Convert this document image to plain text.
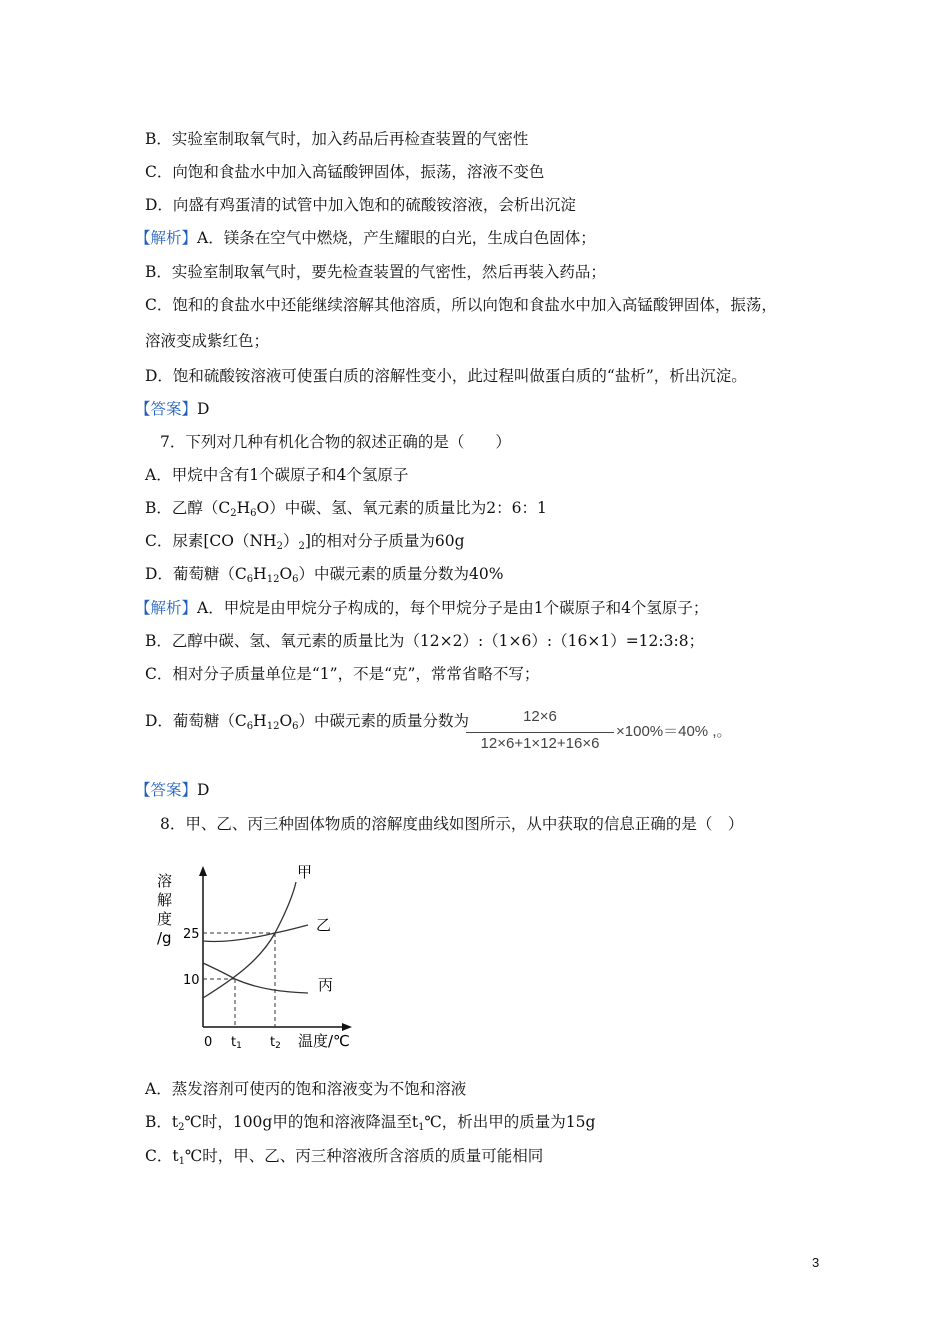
B．实验室制取氧气时，加入药品后再检查装置的气密性
C．向饱和食盐水中加入高锰酸钾固体，振荡，溶液不变色
D．向盛有鸡蛋清的试管中加入饱和的硫酸铵溶液，会析出沉淀
【解析】A．镁条在空气中燃烧，产生耀眼的白光，生成白色固体；
B．实验室制取氧气时，要先检查装置的气密性，然后再装入药品；
C．饱和的食盐水中还能继续溶解其他溶质，所以向饱和食盐水中加入高锰酸钾固体，振荡，
溶液变成紫红色；
D．饱和硫酸铵溶液可使蛋白质的溶解性变小，此过程叫做蛋白质的“盐析”，析出沉淀。
【答案】D
7．下列对几种有机化合物的叙述正确的是（　　）
A．甲烷中含有1个碳原子和4个氢原子
B．乙醇$(C_2H_6O)$中碳、氢、氧元素的质量比为2：6：1
C．尿素$[CO(NH_2)_2]$的相对分子质量为60g
D．葡萄糖$(C_6H_{12}O_6)$中碳元素的质量分数为40%
【解析】A．甲烷是由甲烷分子构成的，每个甲烷分子是由1个碳原子和4个氢原子；
B．乙醇中碳、氢、氧元素的质量比为（12×2）:（1×6）:（16×1）=12:3:8；
C．相对分子质量单位是“1”，不是“克”，常常省略不写；
D．葡萄糖$(C_6H_{12}O_6)$中碳元素的质量分数为	12×6
12×6+1×12+16×6
×100%＝40% ,。
【答案】D
8．甲、乙、丙三种固体物质的溶解度曲线如图所示，从中获取的信息正确的是（　）
溶
解
度
/g 25
10
0 t1 t2 温度/℃
甲
乙
丙
A．蒸发溶剂可使丙的饱和溶液变为不饱和溶液
B．$t_2℃$时，100g甲的饱和溶液降温至$t_1℃$，析出甲的质量为15g
C．$t_1℃$时，甲、乙、丙三种溶液所含溶质的质量可能相同
3
